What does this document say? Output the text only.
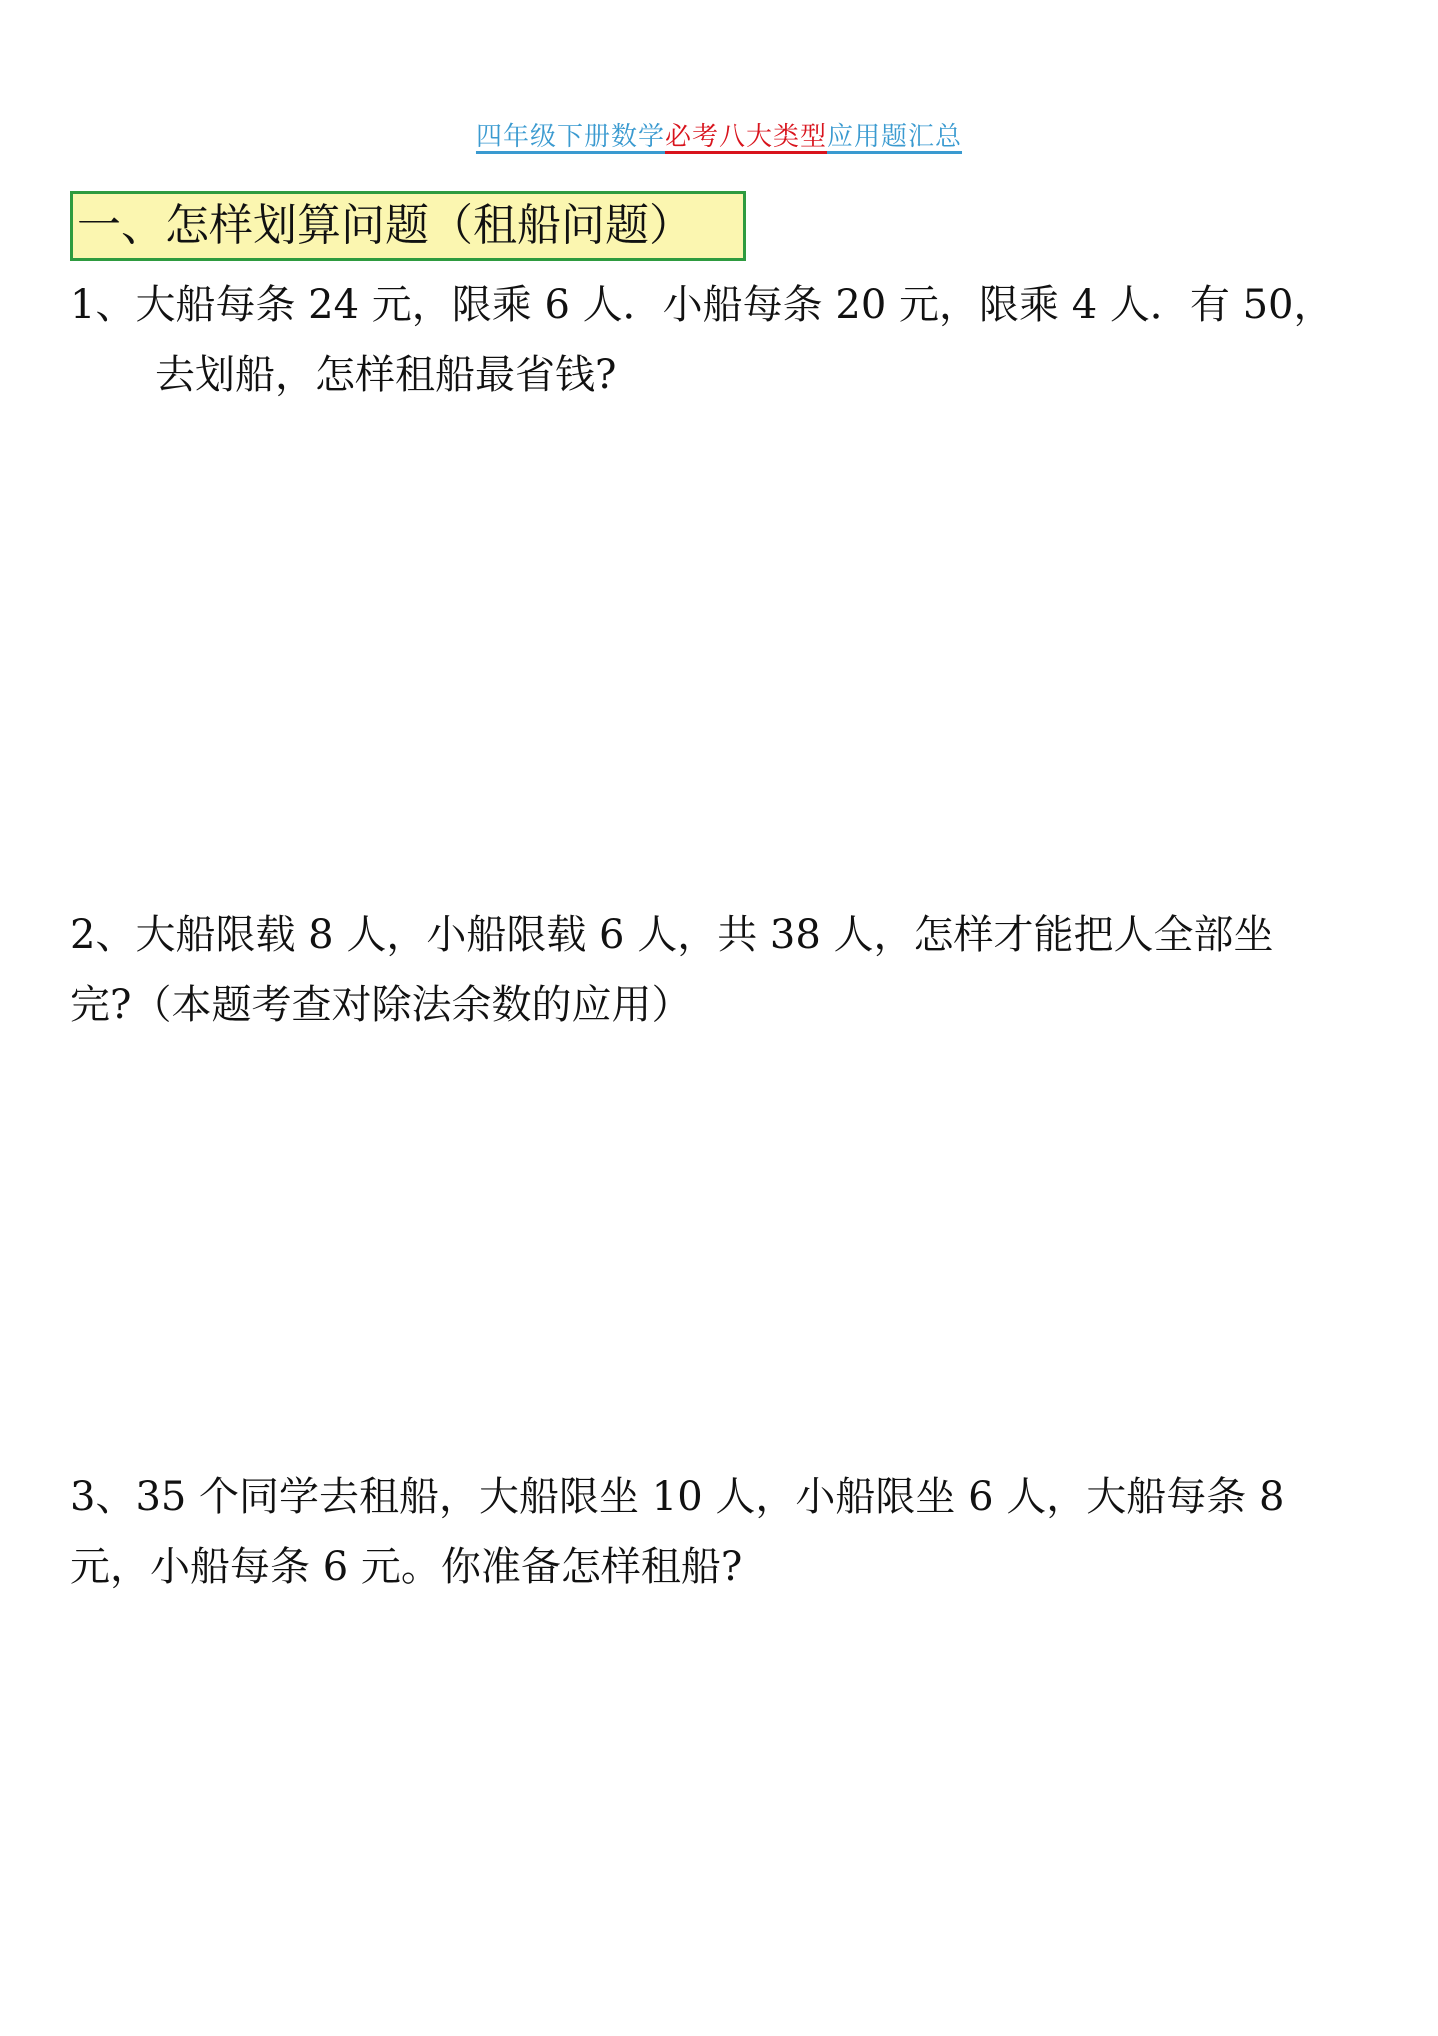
四年级下册数学必考八大类型应用题汇总
一、怎样划算问题（租船问题）
1、大船每条 24 元，限乘 6 人．小船每条 20 元，限乘 4 人．有 50，
去划船，怎样租船最省钱?
2、大船限载 8 人，小船限载 6 人，共 38 人，怎样才能把人全部坐
完?（本题考查对除法余数的应用）
3、35 个同学去租船，大船限坐 10 人，小船限坐 6 人，大船每条 8
元，小船每条 6 元。你准备怎样租船?
